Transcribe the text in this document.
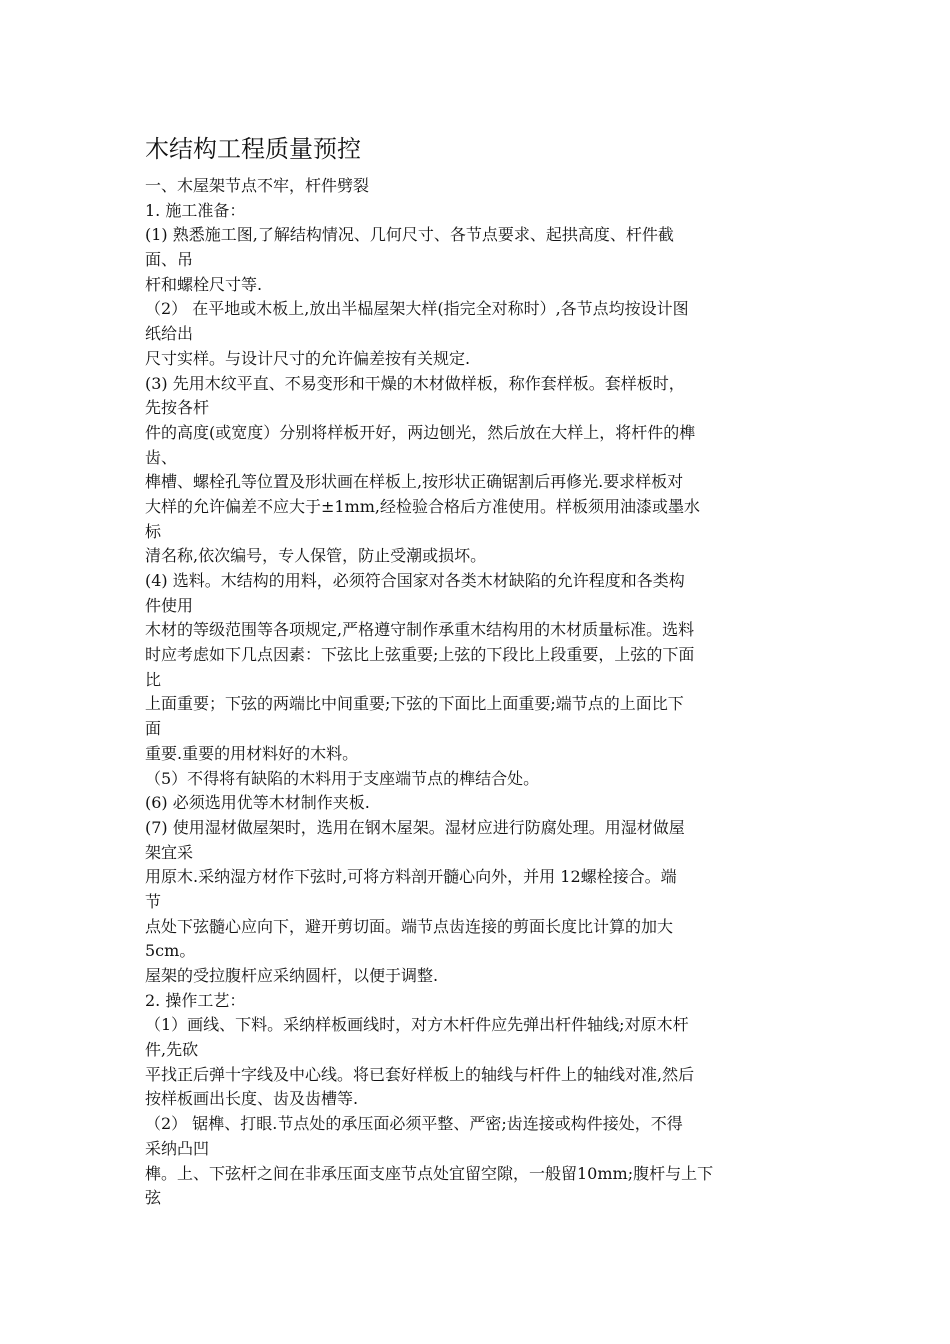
木结构工程质量预控
一、木屋架节点不牢，杆件劈裂
1. 施工准备：
(1) 熟悉施工图,了解结构情况、几何尺寸、各节点要求、起拱高度、杆件截
面、吊
杆和螺栓尺寸等.
（2） 在平地或木板上,放出半榀屋架大样(指完全对称时）,各节点均按设计图
纸给出
尺寸实样。与设计尺寸的允许偏差按有关规定.
(3) 先用木纹平直、不易变形和干燥的木材做样板，称作套样板。套样板时，
先按各杆
件的高度(或宽度）分别将样板开好，两边刨光，然后放在大样上，将杆件的榫
齿、
榫槽、螺栓孔等位置及形状画在样板上,按形状正确锯割后再修光.要求样板对
大样的允许偏差不应大于±1mm,经检验合格后方准使用。样板须用油漆或墨水
标
清名称,依次编号，专人保管，防止受潮或损坏。
(4) 选料。木结构的用料，必须符合国家对各类木材缺陷的允许程度和各类构
件使用
木材的等级范围等各项规定,严格遵守制作承重木结构用的木材质量标准。选料
时应考虑如下几点因素：下弦比上弦重要;上弦的下段比上段重要，上弦的下面
比
上面重要；下弦的两端比中间重要;下弦的下面比上面重要;端节点的上面比下
面
重要.重要的用材料好的木料。
（5）不得将有缺陷的木料用于支座端节点的榫结合处。
(6) 必须选用优等木材制作夹板.
(7) 使用湿材做屋架时，选用在钢木屋架。湿材应进行防腐处理。用湿材做屋
架宜采
用原木.采纳湿方材作下弦时,可将方料剖开髓心向外，并用 12螺栓接合。端
节
点处下弦髓心应向下，避开剪切面。端节点齿连接的剪面长度比计算的加大
5cm。
屋架的受拉腹杆应采纳圆杆，以便于调整.
2. 操作工艺：
（1）画线、下料。采纳样板画线时，对方木杆件应先弹出杆件轴线;对原木杆
件,先砍
平找正后弹十字线及中心线。将已套好样板上的轴线与杆件上的轴线对准,然后
按样板画出长度、齿及齿槽等.
（2） 锯榫、打眼.节点处的承压面必须平整、严密;齿连接或构件接处，不得
采纳凸凹
榫。上、下弦杆之间在非承压面支座节点处宜留空隙，一般留10mm;腹杆与上下
弦
